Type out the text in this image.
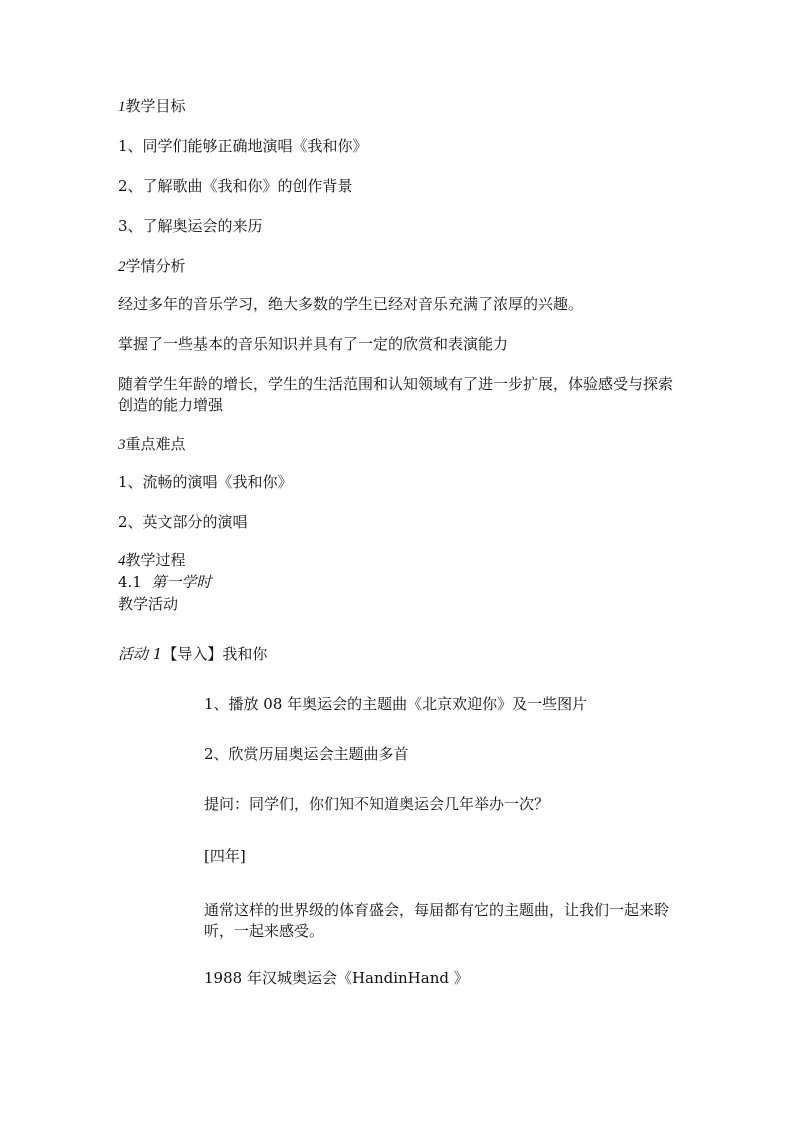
1教学目标
1、同学们能够正确地演唱《我和你》
2、了解歌曲《我和你》的创作背景
3、了解奥运会的来历
2学情分析
经过多年的音乐学习，绝大多数的学生已经对音乐充满了浓厚的兴趣。
掌握了一些基本的音乐知识并具有了一定的欣赏和表演能力
随着学生年龄的增长，学生的生活范围和认知领域有了进一步扩展，体验感受与探索创造的能力增强
3重点难点
1、流畅的演唱《我和你》
2、英文部分的演唱
4教学过程
4.1 第一学时
教学活动
活动 1【导入】我和你
1、播放 08 年奥运会的主题曲《北京欢迎你》及一些图片
2、欣赏历届奥运会主题曲多首
提问：同学们，你们知不知道奥运会几年举办一次？
[四年]
通常这样的世界级的体育盛会，每届都有它的主题曲，让我们一起来聆听，一起来感受。
1988 年汉城奥运会《HandinHand 》
